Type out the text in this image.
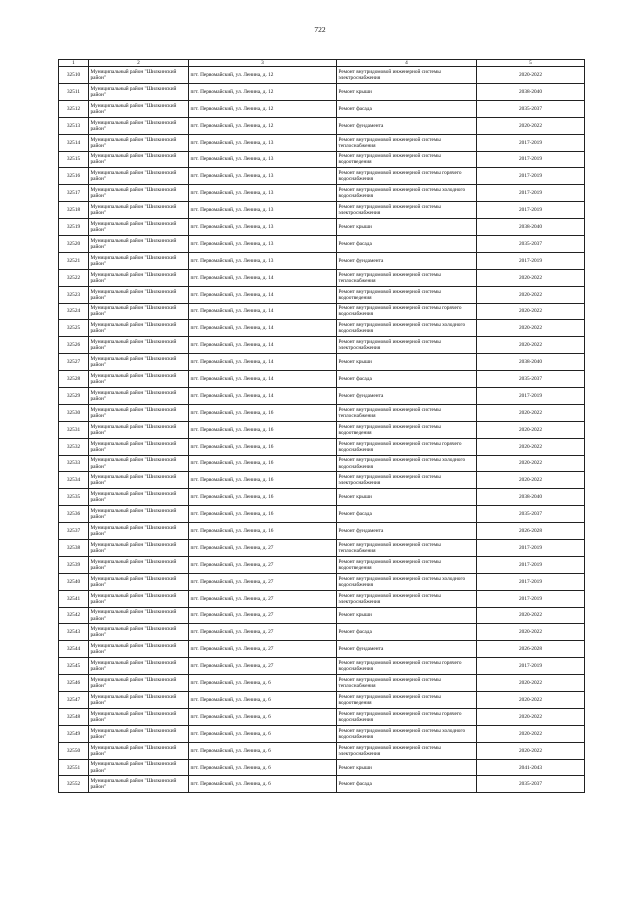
722
1	2	3	4	5
32510	Муниципальный район "Шилкинский район"	пгт. Первомайский, ул. Ленина, д. 12	Ремонт внутридомовой инженерной системы электроснабжения	2020-2022
32511	Муниципальный район "Шилкинский район"	пгт. Первомайский, ул. Ленина, д. 12	Ремонт крыши	2038-2040
32512	Муниципальный район "Шилкинский район"	пгт. Первомайский, ул. Ленина, д. 12	Ремонт фасада	2035-2037
32513	Муниципальный район "Шилкинский район"	пгт. Первомайский, ул. Ленина, д. 12	Ремонт фундамента	2020-2022
32514	Муниципальный район "Шилкинский район"	пгт. Первомайский, ул. Ленина, д. 13	Ремонт внутридомовой инженерной системы теплоснабжения	2017-2019
32515	Муниципальный район "Шилкинский район"	пгт. Первомайский, ул. Ленина, д. 13	Ремонт внутридомовой инженерной системы водоотведения	2017-2019
32516	Муниципальный район "Шилкинский район"	пгт. Первомайский, ул. Ленина, д. 13	Ремонт внутридомовой инженерной системы горячего водоснабжения	2017-2019
32517	Муниципальный район "Шилкинский район"	пгт. Первомайский, ул. Ленина, д. 13	Ремонт внутридомовой инженерной системы холодного водоснабжения	2017-2019
32518	Муниципальный район "Шилкинский район"	пгт. Первомайский, ул. Ленина, д. 13	Ремонт внутридомовой инженерной системы электроснабжения	2017-2019
32519	Муниципальный район "Шилкинский район"	пгт. Первомайский, ул. Ленина, д. 13	Ремонт крыши	2038-2040
32520	Муниципальный район "Шилкинский район"	пгт. Первомайский, ул. Ленина, д. 13	Ремонт фасада	2035-2037
32521	Муниципальный район "Шилкинский район"	пгт. Первомайский, ул. Ленина, д. 13	Ремонт фундамента	2017-2019
32522	Муниципальный район "Шилкинский район"	пгт. Первомайский, ул. Ленина, д. 14	Ремонт внутридомовой инженерной системы теплоснабжения	2020-2022
32523	Муниципальный район "Шилкинский район"	пгт. Первомайский, ул. Ленина, д. 14	Ремонт внутридомовой инженерной системы водоотведения	2020-2022
32524	Муниципальный район "Шилкинский район"	пгт. Первомайский, ул. Ленина, д. 14	Ремонт внутридомовой инженерной системы горячего водоснабжения	2020-2022
32525	Муниципальный район "Шилкинский район"	пгт. Первомайский, ул. Ленина, д. 14	Ремонт внутридомовой инженерной системы холодного водоснабжения	2020-2022
32526	Муниципальный район "Шилкинский район"	пгт. Первомайский, ул. Ленина, д. 14	Ремонт внутридомовой инженерной системы электроснабжения	2020-2022
32527	Муниципальный район "Шилкинский район"	пгт. Первомайский, ул. Ленина, д. 14	Ремонт крыши	2038-2040
32528	Муниципальный район "Шилкинский район"	пгт. Первомайский, ул. Ленина, д. 14	Ремонт фасада	2035-2037
32529	Муниципальный район "Шилкинский район"	пгт. Первомайский, ул. Ленина, д. 14	Ремонт фундамента	2017-2019
32530	Муниципальный район "Шилкинский район"	пгт. Первомайский, ул. Ленина, д. 16	Ремонт внутридомовой инженерной системы теплоснабжения	2020-2022
32531	Муниципальный район "Шилкинский район"	пгт. Первомайский, ул. Ленина, д. 16	Ремонт внутридомовой инженерной системы водоотведения	2020-2022
32532	Муниципальный район "Шилкинский район"	пгт. Первомайский, ул. Ленина, д. 16	Ремонт внутридомовой инженерной системы горячего водоснабжения	2020-2022
32533	Муниципальный район "Шилкинский район"	пгт. Первомайский, ул. Ленина, д. 16	Ремонт внутридомовой инженерной системы холодного водоснабжения	2020-2022
32534	Муниципальный район "Шилкинский район"	пгт. Первомайский, ул. Ленина, д. 16	Ремонт внутридомовой инженерной системы электроснабжения	2020-2022
32535	Муниципальный район "Шилкинский район"	пгт. Первомайский, ул. Ленина, д. 16	Ремонт крыши	2038-2040
32536	Муниципальный район "Шилкинский район"	пгт. Первомайский, ул. Ленина, д. 16	Ремонт фасада	2035-2037
32537	Муниципальный район "Шилкинский район"	пгт. Первомайский, ул. Ленина, д. 16	Ремонт фундамента	2026-2028
32538	Муниципальный район "Шилкинский район"	пгт. Первомайский, ул. Ленина, д. 27	Ремонт внутридомовой инженерной системы теплоснабжения	2017-2019
32539	Муниципальный район "Шилкинский район"	пгт. Первомайский, ул. Ленина, д. 27	Ремонт внутридомовой инженерной системы водоотведения	2017-2019
32540	Муниципальный район "Шилкинский район"	пгт. Первомайский, ул. Ленина, д. 27	Ремонт внутридомовой инженерной системы холодного водоснабжения	2017-2019
32541	Муниципальный район "Шилкинский район"	пгт. Первомайский, ул. Ленина, д. 27	Ремонт внутридомовой инженерной системы электроснабжения	2017-2019
32542	Муниципальный район "Шилкинский район"	пгт. Первомайский, ул. Ленина, д. 27	Ремонт крыши	2020-2022
32543	Муниципальный район "Шилкинский район"	пгт. Первомайский, ул. Ленина, д. 27	Ремонт фасада	2020-2022
32544	Муниципальный район "Шилкинский район"	пгт. Первомайский, ул. Ленина, д. 27	Ремонт фундамента	2026-2028
32545	Муниципальный район "Шилкинский район"	пгт. Первомайский, ул. Ленина, д. 27	Ремонт внутридомовой инженерной системы горячего водоснабжения	2017-2019
32546	Муниципальный район "Шилкинский район"	пгт. Первомайский, ул. Ленина, д. 6	Ремонт внутридомовой инженерной системы теплоснабжения	2020-2022
32547	Муниципальный район "Шилкинский район"	пгт. Первомайский, ул. Ленина, д. 6	Ремонт внутридомовой инженерной системы водоотведения	2020-2022
32548	Муниципальный район "Шилкинский район"	пгт. Первомайский, ул. Ленина, д. 6	Ремонт внутридомовой инженерной системы горячего водоснабжения	2020-2022
32549	Муниципальный район "Шилкинский район"	пгт. Первомайский, ул. Ленина, д. 6	Ремонт внутридомовой инженерной системы холодного водоснабжения	2020-2022
32550	Муниципальный район "Шилкинский район"	пгт. Первомайский, ул. Ленина, д. 6	Ремонт внутридомовой инженерной системы электроснабжения	2020-2022
32551	Муниципальный район "Шилкинский район"	пгт. Первомайский, ул. Ленина, д. 6	Ремонт крыши	2041-2043
32552	Муниципальный район "Шилкинский район"	пгт. Первомайский, ул. Ленина, д. 6	Ремонт фасада	2035-2037
